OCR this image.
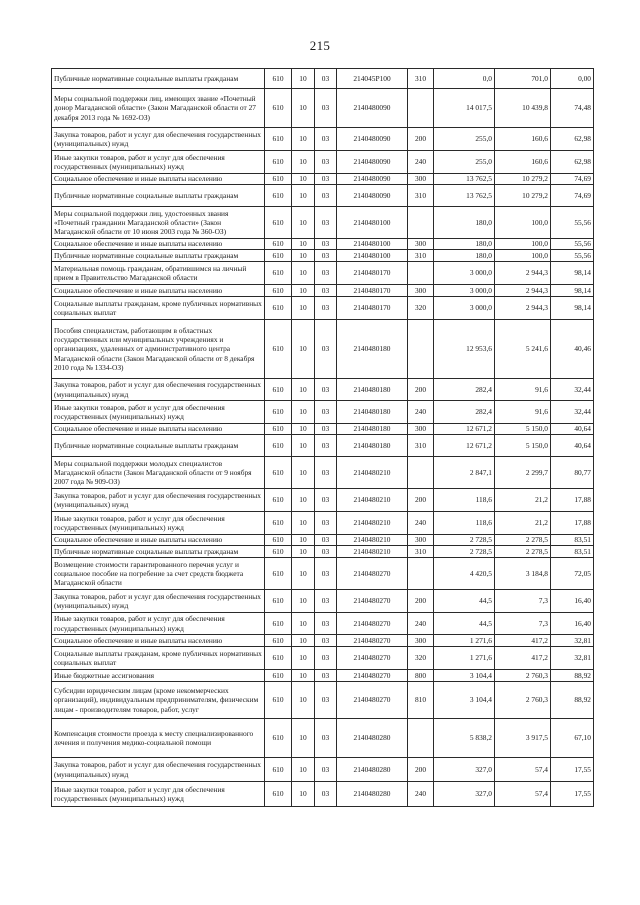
215
Публичные нормативные социальные выплаты гражданам	610	10	03	214045Р100	310	0,0	701,0	0,00
Меры социальной поддержки лиц, имеющих звание «Почетный донор Магаданской области» (Закон Магаданской области от 27 декабря 2013 года № 1692-ОЗ)	610	10	03	2140480090		14 017,5	10 439,8	74,48
Закупка товаров, работ и услуг для обеспечения государственных (муниципальных) нужд	610	10	03	2140480090	200	255,0	160,6	62,98
Иные закупки товаров, работ и услуг для обеспечения государственных (муниципальных) нужд	610	10	03	2140480090	240	255,0	160,6	62,98
Социальное обеспечение и иные выплаты населению	610	10	03	2140480090	300	13 762,5	10 279,2	74,69
Публичные нормативные социальные выплаты гражданам	610	10	03	2140480090	310	13 762,5	10 279,2	74,69
Меры социальной поддержки лиц, удостоенных звания «Почетный гражданин Магаданской области» (Закон Магаданской области от 10 июня 2003 года № 360-ОЗ)	610	10	03	2140480100		180,0	100,0	55,56
Социальное обеспечение и иные выплаты населению	610	10	03	2140480100	300	180,0	100,0	55,56
Публичные нормативные социальные выплаты гражданам	610	10	03	2140480100	310	180,0	100,0	55,56
Материальная помощь гражданам, обратившимся на личный прием в Правительство Магаданской области	610	10	03	2140480170		3 000,0	2 944,3	98,14
Социальное обеспечение и иные выплаты населению	610	10	03	2140480170	300	3 000,0	2 944,3	98,14
Социальные выплаты гражданам, кроме публичных нормативных социальных выплат	610	10	03	2140480170	320	3 000,0	2 944,3	98,14
Пособия специалистам, работающим в областных государственных или муниципальных учреждениях и организациях, удаленных от административного центра Магаданской области (Закон Магаданской области от 8 декабря 2010 года № 1334-ОЗ)	610	10	03	2140480180		12 953,6	5 241,6	40,46
Закупка товаров, работ и услуг для обеспечения государственных (муниципальных) нужд	610	10	03	2140480180	200	282,4	91,6	32,44
Иные закупки товаров, работ и услуг для обеспечения государственных (муниципальных) нужд	610	10	03	2140480180	240	282,4	91,6	32,44
Социальное обеспечение и иные выплаты населению	610	10	03	2140480180	300	12 671,2	5 150,0	40,64
Публичные нормативные социальные выплаты гражданам	610	10	03	2140480180	310	12 671,2	5 150,0	40,64
Меры социальной поддержки молодых специалистов Магаданской области (Закон Магаданской области от 9 ноября 2007 года № 909-ОЗ)	610	10	03	2140480210		2 847,1	2 299,7	80,77
Закупка товаров, работ и услуг для обеспечения государственных (муниципальных) нужд	610	10	03	2140480210	200	118,6	21,2	17,88
Иные закупки товаров, работ и услуг для обеспечения государственных (муниципальных) нужд	610	10	03	2140480210	240	118,6	21,2	17,88
Социальное обеспечение и иные выплаты населению	610	10	03	2140480210	300	2 728,5	2 278,5	83,51
Публичные нормативные социальные выплаты гражданам	610	10	03	2140480210	310	2 728,5	2 278,5	83,51
Возмещение стоимости гарантированного перечня услуг и социальное пособие на погребение за счет средств бюджета Магаданской области	610	10	03	2140480270		4 420,5	3 184,8	72,05
Закупка товаров, работ и услуг для обеспечения государственных (муниципальных) нужд	610	10	03	2140480270	200	44,5	7,3	16,40
Иные закупки товаров, работ и услуг для обеспечения государственных (муниципальных) нужд	610	10	03	2140480270	240	44,5	7,3	16,40
Социальное обеспечение и иные выплаты населению	610	10	03	2140480270	300	1 271,6	417,2	32,81
Социальные выплаты гражданам, кроме публичных нормативных социальных выплат	610	10	03	2140480270	320	1 271,6	417,2	32,81
Иные бюджетные ассигнования	610	10	03	2140480270	800	3 104,4	2 760,3	88,92
Субсидии юридическим лицам (кроме некоммерческих организаций), индивидуальным предпринимателям, физическим лицам - производителям товаров, работ, услуг	610	10	03	2140480270	810	3 104,4	2 760,3	88,92
Компенсация стоимости проезда к месту специализированного лечения и получения медико-социальной помощи	610	10	03	2140480280		5 838,2	3 917,5	67,10
Закупка товаров, работ и услуг для обеспечения государственных (муниципальных) нужд	610	10	03	2140480280	200	327,0	57,4	17,55
Иные закупки товаров, работ и услуг для обеспечения государственных (муниципальных) нужд	610	10	03	2140480280	240	327,0	57,4	17,55
